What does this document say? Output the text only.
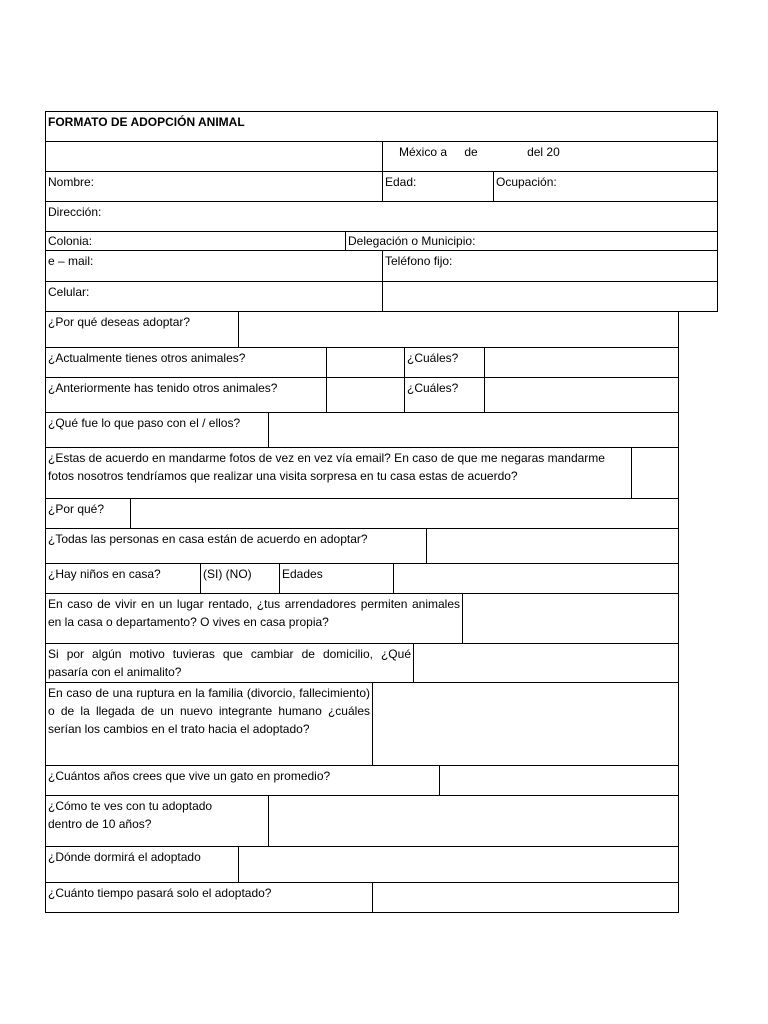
FORMATO DE ADOPCIÓN ANIMAL
México a de	del 20
Nombre:	Edad:	Ocupación:
Dirección:
Colonia:	Delegación o Municipio:
e – mail:	Teléfono fijo:
Celular:
¿Por qué deseas adoptar?
¿Actualmente tienes otros animales?	¿Cuáles?
¿Anteriormente has tenido otros animales?	¿Cuáles?
¿Qué fue lo que paso con el / ellos?
¿Estas de acuerdo en mandarme fotos de vez en vez vía email? En caso de que me negaras mandarme fotos nosotros tendríamos que realizar una visita sorpresa en tu casa estas de acuerdo?
¿Por qué?
¿Todas las personas en casa están de acuerdo en adoptar?
¿Hay niños en casa?	(SI) (NO)	Edades
En caso de vivir en un lugar rentado, ¿tus arrendadores permiten animales en la casa o departamento? O vives en casa propia?
Si por algún motivo tuvieras que cambiar de domicilio, ¿Qué pasaría con el animalito?
En caso de una ruptura en la familia (divorcio, fallecimiento) o de la llegada de un nuevo integrante humano ¿cuáles serían los cambios en el trato hacia el adoptado?
¿Cuántos años crees que vive un gato en promedio?
¿Cómo te ves con tu adoptado dentro de 10 años?
¿Dónde dormirá el adoptado
¿Cuánto tiempo pasará solo el adoptado?
